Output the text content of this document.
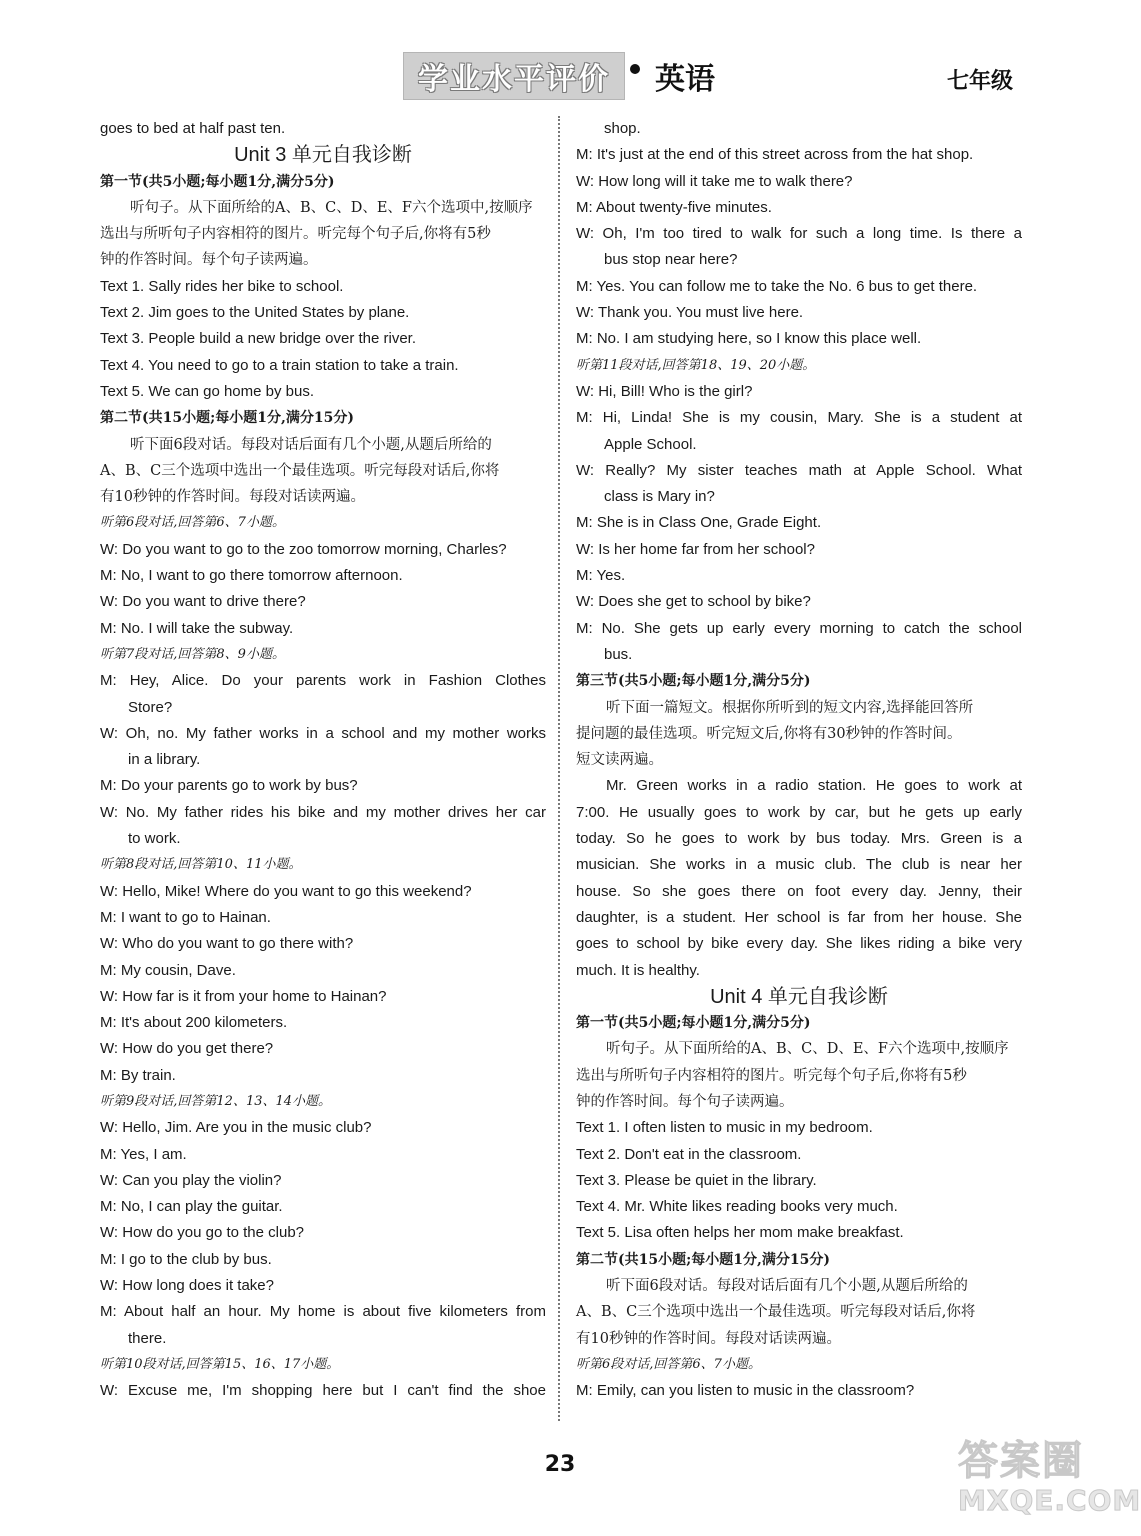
学业水平评价 英语	七年级
goes to bed at half past ten.
Unit 3 单元自我诊断
第一节(共5小题;每小题1分,满分5分)
听句子。从下面所给的A、B、C、D、E、F六个选项中,按顺序
选出与所听句子内容相符的图片。听完每个句子后,你将有5秒
钟的作答时间。每个句子读两遍。
Text 1. Sally rides her bike to school.
Text 2. Jim goes to the United States by plane.
Text 3. People build a new bridge over the river.
Text 4. You need to go to a train station to take a train.
Text 5. We can go home by bus.
第二节(共15小题;每小题1分,满分15分)
听下面6段对话。每段对话后面有几个小题,从题后所给的
A、B、C三个选项中选出一个最佳选项。听完每段对话后,你将
有10秒钟的作答时间。每段对话读两遍。
听第6段对话,回答第6、7小题。
W: Do you want to go to the zoo tomorrow morning, Charles?
M: No, I want to go there tomorrow afternoon.
W: Do you want to drive there?
M: No. I will take the subway.
听第7段对话,回答第8、9小题。
M: Hey, Alice. Do your parents work in Fashion Clothes
Store?
W: Oh, no. My father works in a school and my mother works
in a library.
M: Do your parents go to work by bus?
W: No. My father rides his bike and my mother drives her car
to work.
听第8段对话,回答第10、11小题。
W: Hello, Mike! Where do you want to go this weekend?
M: I want to go to Hainan.
W: Who do you want to go there with?
M: My cousin, Dave.
W: How far is it from your home to Hainan?
M: It's about 200 kilometers.
W: How do you get there?
M: By train.
听第9段对话,回答第12、13、14小题。
W: Hello, Jim. Are you in the music club?
M: Yes, I am.
W: Can you play the violin?
M: No, I can play the guitar.
W: How do you go to the club?
M: I go to the club by bus.
W: How long does it take?
M: About half an hour. My home is about five kilometers from
there.
听第10段对话,回答第15、16、17小题。
W: Excuse me, I'm shopping here but I can't find the shoe
shop.
M: It's just at the end of this street across from the hat shop.
W: How long will it take me to walk there?
M: About twenty-five minutes.
W: Oh, I'm too tired to walk for such a long time. Is there a
bus stop near here?
M: Yes. You can follow me to take the No. 6 bus to get there.
W: Thank you. You must live here.
M: No. I am studying here, so I know this place well.
听第11段对话,回答第18、19、20小题。
W: Hi, Bill! Who is the girl?
M: Hi, Linda! She is my cousin, Mary. She is a student at
Apple School.
W: Really? My sister teaches math at Apple School. What
class is Mary in?
M: She is in Class One, Grade Eight.
W: Is her home far from her school?
M: Yes.
W: Does she get to school by bike?
M: No. She gets up early every morning to catch the school
bus.
第三节(共5小题;每小题1分,满分5分)
听下面一篇短文。根据你所听到的短文内容,选择能回答所
提问题的最佳选项。听完短文后,你将有30秒钟的作答时间。
短文读两遍。
Mr. Green works in a radio station. He goes to work at
7:00. He usually goes to work by car, but he gets up early
today. So he goes to work by bus today. Mrs. Green is a
musician. She works in a music club. The club is near her
house. So she goes there on foot every day. Jenny, their
daughter, is a student. Her school is far from her house. She
goes to school by bike every day. She likes riding a bike very
much. It is healthy.
Unit 4 单元自我诊断
第一节(共5小题;每小题1分,满分5分)
听句子。从下面所给的A、B、C、D、E、F六个选项中,按顺序
选出与所听句子内容相符的图片。听完每个句子后,你将有5秒
钟的作答时间。每个句子读两遍。
Text 1. I often listen to music in my bedroom.
Text 2. Don't eat in the classroom.
Text 3. Please be quiet in the library.
Text 4. Mr. White likes reading books very much.
Text 5. Lisa often helps her mom make breakfast.
第二节(共15小题;每小题1分,满分15分)
听下面6段对话。每段对话后面有几个小题,从题后所给的
A、B、C三个选项中选出一个最佳选项。听完每段对话后,你将
有10秒钟的作答时间。每段对话读两遍。
听第6段对话,回答第6、7小题。
M: Emily, can you listen to music in the classroom?
23	答案圈
MXQE.COM
